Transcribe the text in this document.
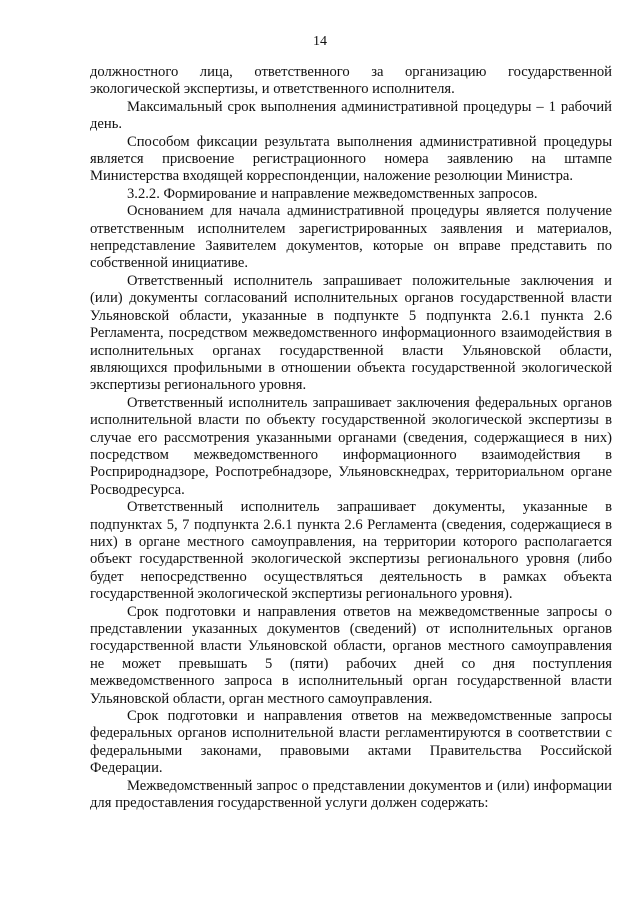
14

должностного лица, ответственного за организацию государственной экологической экспертизы, и ответственного исполнителя.

Максимальный срок выполнения административной процедуры – 1 рабочий день.

Способом фиксации результата выполнения административной процедуры является присвоение регистрационного номера заявлению на штампе Министерства входящей корреспонденции, наложение резолюции Министра.

3.2.2. Формирование и направление межведомственных запросов.

Основанием для начала административной процедуры является получение ответственным исполнителем зарегистрированных заявления и материалов, непредставление Заявителем документов, которые он вправе представить по собственной инициативе.

Ответственный исполнитель запрашивает положительные заключения и (или) документы согласований исполнительных органов государственной власти Ульяновской области, указанные в подпункте 5 подпункта 2.6.1 пункта 2.6 Регламента, посредством межведомственного информационного взаимодействия в исполнительных органах государственной власти Ульяновской области, являющихся профильными в отношении объекта государственной экологической экспертизы регионального уровня.

Ответственный исполнитель запрашивает заключения федеральных органов исполнительной власти по объекту государственной экологической экспертизы в случае его рассмотрения указанными органами (сведения, содержащиеся в них) посредством межведомственного информационного взаимодействия в Росприроднадзоре, Роспотребнадзоре, Ульяновскнедрах, территориальном органе Росводресурса.

Ответственный исполнитель запрашивает документы, указанные в подпунктах 5, 7 подпункта 2.6.1 пункта 2.6 Регламента (сведения, содержащиеся в них) в органе местного самоуправления, на территории которого располагается объект государственной экологической экспертизы регионального уровня (либо будет непосредственно осуществляться деятельность в рамках объекта государственной экологической экспертизы регионального уровня).

Срок подготовки и направления ответов на межведомственные запросы о представлении указанных документов (сведений) от исполнительных органов государственной власти Ульяновской области, органов местного самоуправления не может превышать 5 (пяти) рабочих дней со дня поступления межведомственного запроса в исполнительный орган государственной власти Ульяновской области, орган местного самоуправления.

Срок подготовки и направления ответов на межведомственные запросы федеральных органов исполнительной власти регламентируются в соответствии с федеральными законами, правовыми актами Правительства Российской Федерации.

Межведомственный запрос о представлении документов и (или) информации для предоставления государственной услуги должен содержать:
